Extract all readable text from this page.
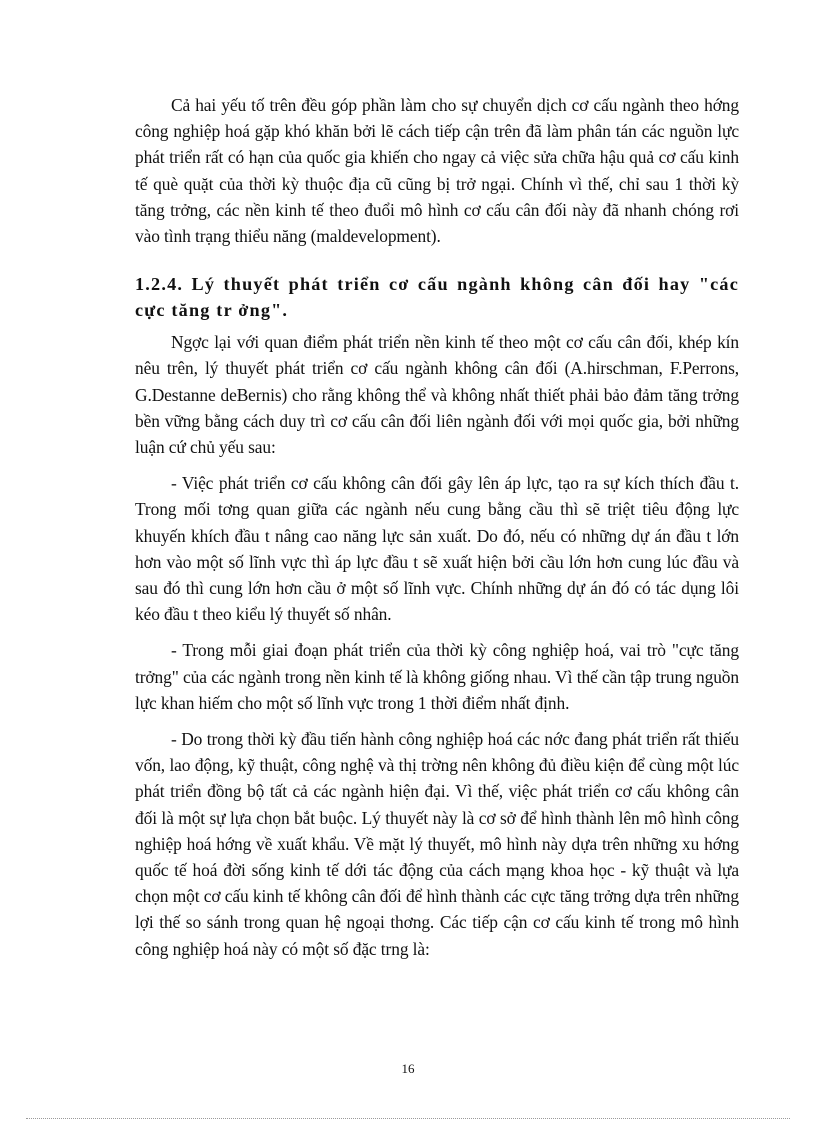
Cả hai yếu tố trên đều góp phần làm cho sự chuyển dịch cơ cấu ngành theo hớng công nghiệp hoá gặp khó khăn bởi lẽ cách tiếp cận trên đã làm phân tán các nguồn lực phát triển rất có hạn của quốc gia khiến cho ngay cả việc sửa chữa hậu quả cơ cấu kinh tế què quặt của thời kỳ thuộc địa cũ cũng bị trở ngại. Chính vì thế, chỉ sau 1 thời kỳ tăng trởng, các nền kinh tế theo đuổi mô hình cơ cấu cân đối này đã nhanh chóng rơi vào tình trạng thiểu năng (maldevelopment).

1.2.4. Lý thuyết phát triển cơ cấu ngành không cân đối hay "các cực tăng tr ởng".

Ngợc lại với quan điểm phát triển nền kinh tế theo một cơ cấu cân đối, khép kín nêu trên, lý thuyết phát triển cơ cấu ngành không cân đối (A.hirschman, F.Perrons, G.Destanne deBernis) cho rằng không thể và không nhất thiết phải bảo đảm tăng trởng bền vững bằng cách duy trì cơ cấu cân đối liên ngành đối với mọi quốc gia, bởi những luận cứ chủ yếu sau:

- Việc phát triển cơ cấu không cân đối gây lên áp lực, tạo ra sự kích thích đầu t. Trong mối tơng quan giữa các ngành nếu cung bằng cầu thì sẽ triệt tiêu động lực khuyến khích đầu t nâng cao năng lực sản xuất. Do đó, nếu có những dự án đầu t lớn hơn vào một số lĩnh vực thì áp lực đầu t sẽ xuất hiện bởi cầu lớn hơn cung lúc đầu và sau đó thì cung lớn hơn cầu ở một số lĩnh vực. Chính những dự án đó có tác dụng lôi kéo đầu t theo kiểu lý thuyết số nhân.

- Trong mỗi giai đoạn phát triển của thời kỳ công nghiệp hoá, vai trò "cực tăng trởng" của các ngành trong nền kinh tế là không giống nhau. Vì thế cần tập trung nguồn lực khan hiếm cho một số lĩnh vực trong 1 thời điểm nhất định.

- Do trong thời kỳ đầu tiến hành công nghiệp hoá các nớc đang phát triển rất thiếu vốn, lao động, kỹ thuật, công nghệ và thị trờng nên không đủ điều kiện để cùng một lúc phát triển đồng bộ tất cả các ngành hiện đại. Vì thế, việc phát triển cơ cấu không cân đối là một sự lựa chọn bắt buộc. Lý thuyết này là cơ sở để hình thành lên mô hình công nghiệp hoá hớng về xuất khẩu. Về mặt lý thuyết, mô hình này dựa trên những xu hớng quốc tế hoá đời sống kinh tế dới tác động của cách mạng khoa học - kỹ thuật và lựa chọn một cơ cấu kinh tế không cân đối để hình thành các cực tăng trởng dựa trên những lợi thế so sánh trong quan hệ ngoại thơng. Các tiếp cận cơ cấu kinh tế trong mô hình công nghiệp hoá này có một số đặc trng là:

16
